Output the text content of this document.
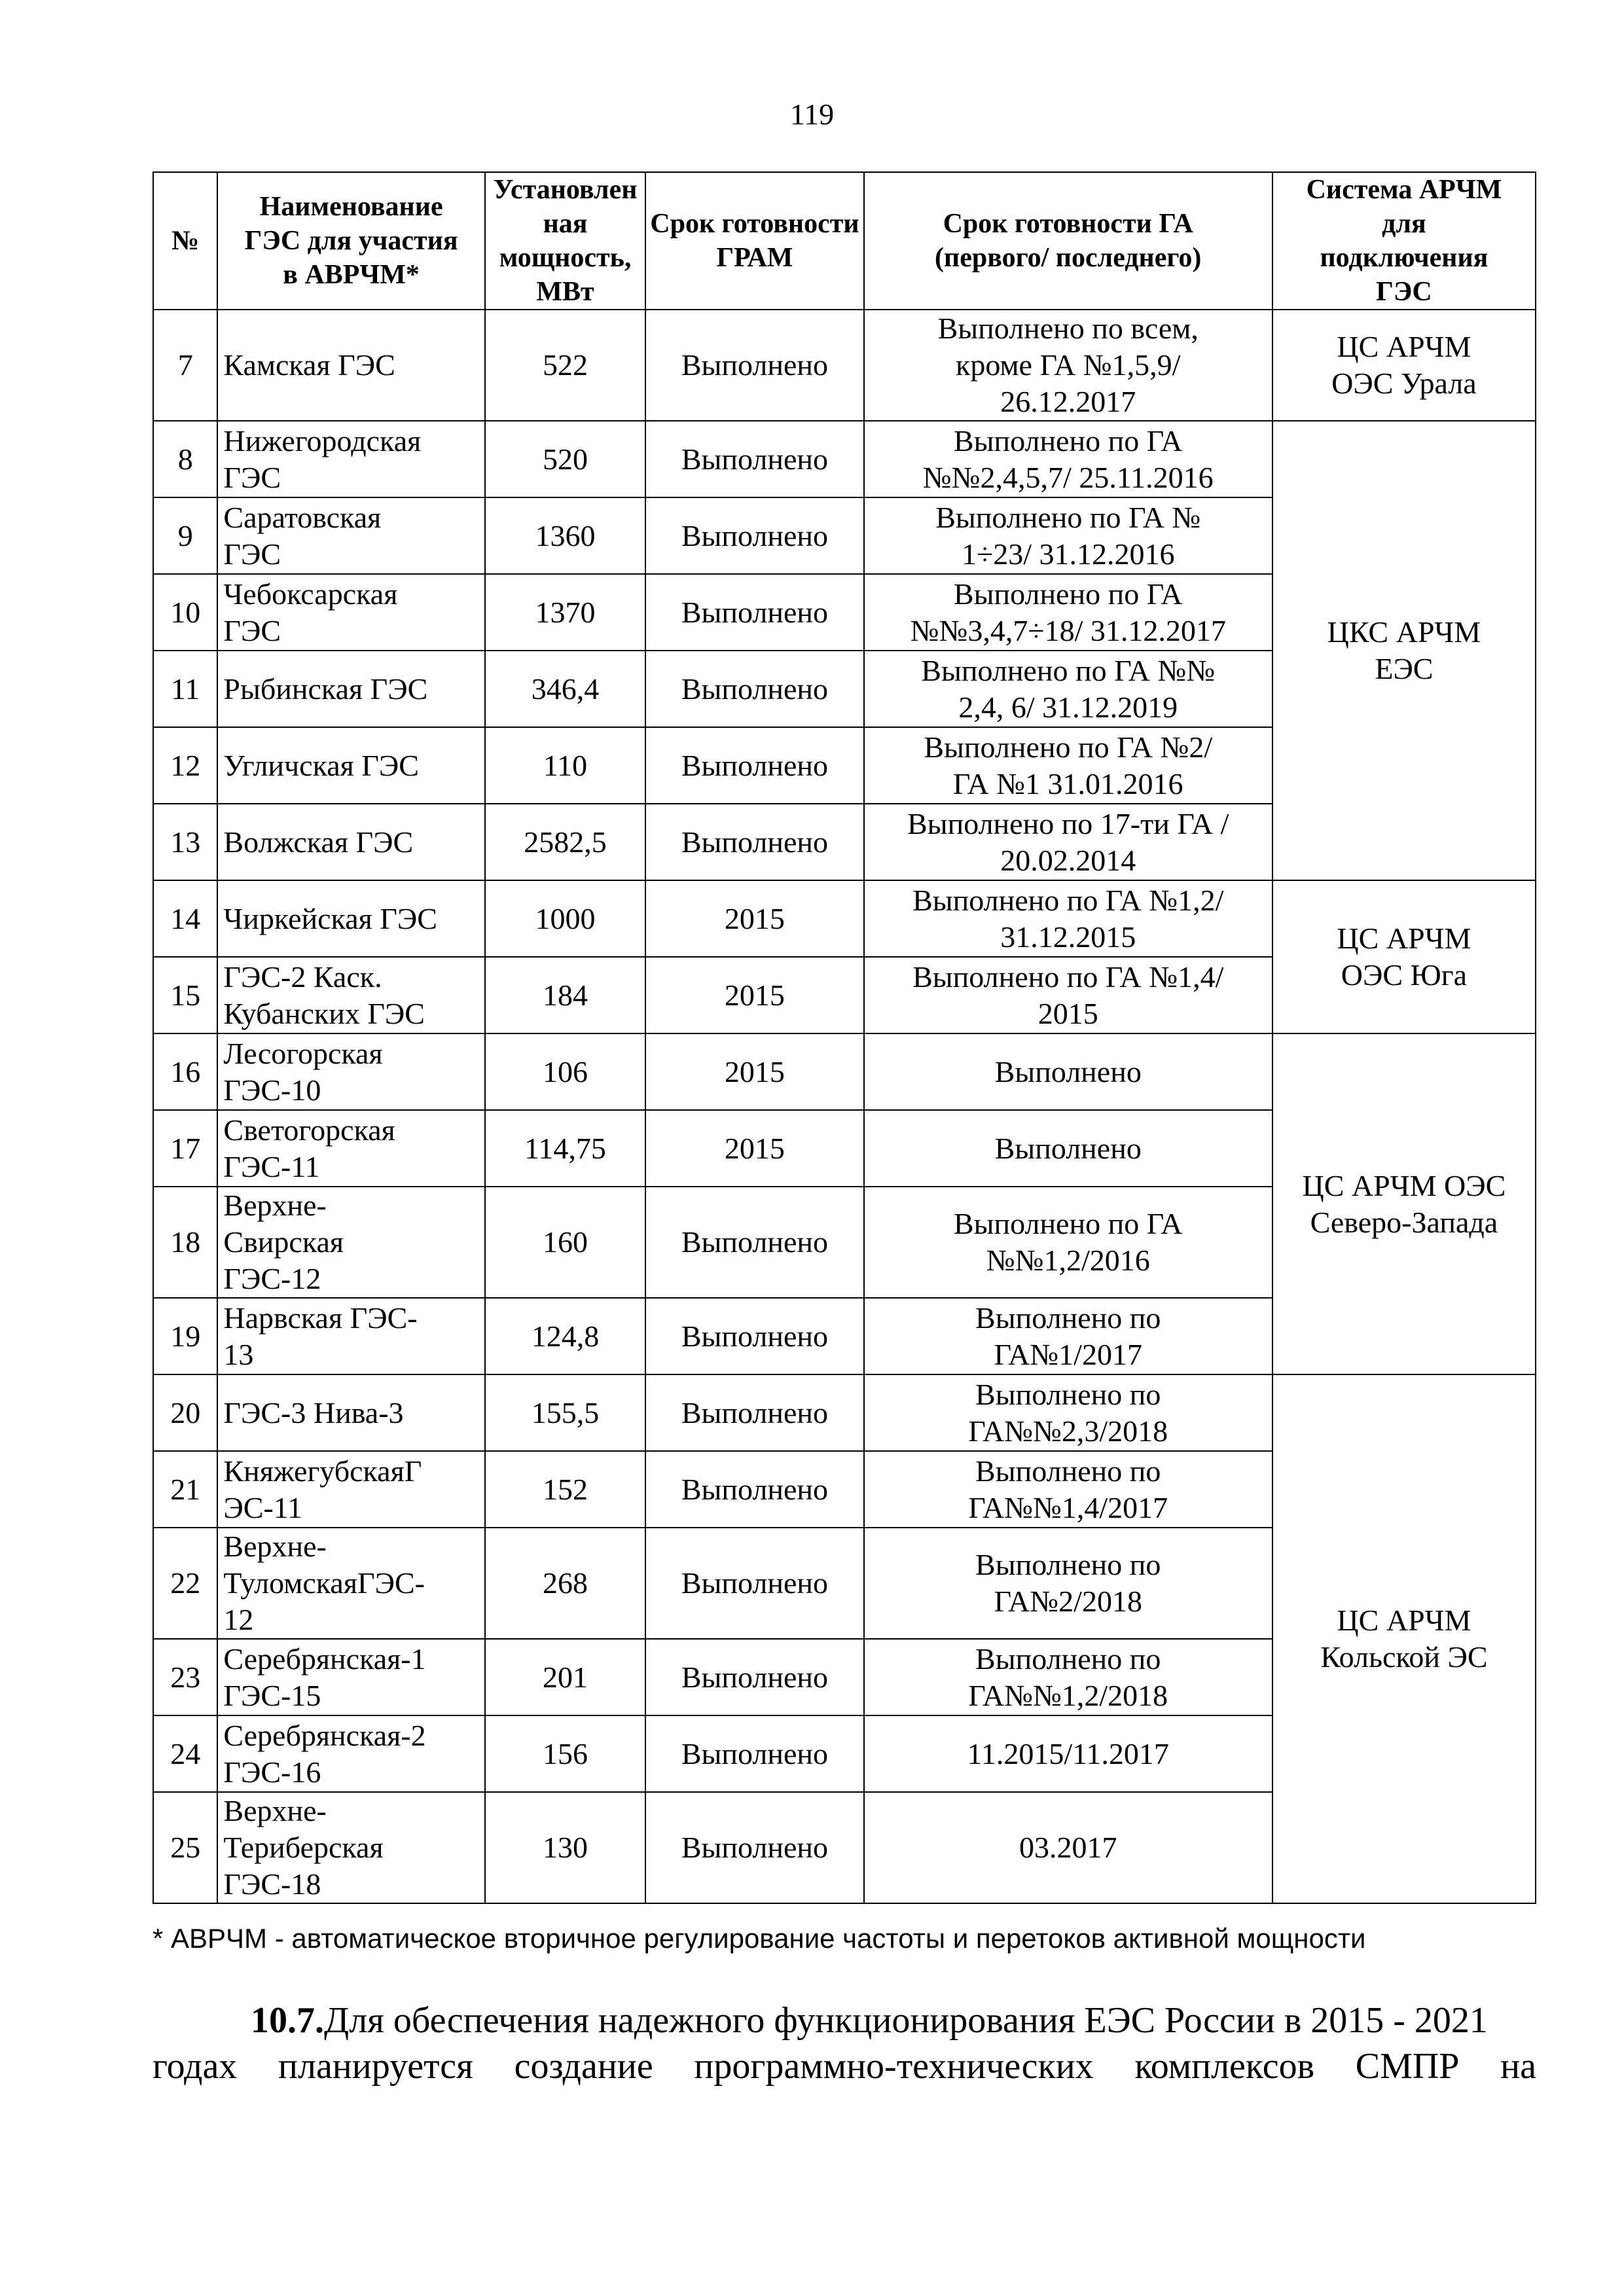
119
№	Наименование
ГЭС для участия
в АВРЧМ*	Установлен
ная
мощность,
МВт	Срок готовности
ГРАМ	Срок готовности ГА
(первого/ последнего)	Система АРЧМ
для
подключения
ГЭС

7	Камская ГЭС	522	Выполнено	Выполнено по всем,
кроме ГА №1,5,9/
26.12.2017	ЦС АРЧМ
ОЭС Урала

8	Нижегородская
ГЭС	520	Выполнено	Выполнено по ГА
№№2,4,5,7/ 25.11.2016	ЦКС АРЧМ
ЕЭС

9	Саратовская
ГЭС	1360	Выполнено	Выполнено по ГА №
1÷23/ 31.12.2016	

10	Чебоксарская
ГЭС	1370	Выполнено	Выполнено по ГА
№№3,4,7÷18/ 31.12.2017	

11	Рыбинская ГЭС	346,4	Выполнено	Выполнено по ГА №№
2,4, 6/ 31.12.2019	

12	Угличская ГЭС	110	Выполнено	Выполнено по ГА №2/
ГА №1 31.01.2016	

13	Волжская ГЭС	2582,5	Выполнено	Выполнено по 17-ти ГА /
20.02.2014	

14	Чиркейская ГЭС	1000	2015	Выполнено по ГА №1,2/
31.12.2015	ЦС АРЧМ
ОЭС Юга

15	ГЭС-2 Каск.
Кубанских ГЭС	184	2015	Выполнено по ГА №1,4/
2015	

16	Лесогорская
ГЭС-10	106	2015	Выполнено	ЦС АРЧМ ОЭС
Северо-Запада

17	Светогорская
ГЭС-11	114,75	2015	Выполнено	

18	Верхне-
Свирская
ГЭС-12	160	Выполнено	Выполнено по ГА
№№1,2/2016	

19	Нарвская ГЭС-
13	124,8	Выполнено	Выполнено по
ГА№1/2017	

20	ГЭС-3 Нива-3	155,5	Выполнено	Выполнено по
ГА№№2,3/2018	ЦС АРЧМ
Кольской ЭС

21	КняжегубскаяГ
ЭС-11	152	Выполнено	Выполнено по
ГА№№1,4/2017	

22	Верхне-
ТуломскаяГЭС-
12	268	Выполнено	Выполнено по
ГА№2/2018	

23	Серебрянская-1
ГЭС-15	201	Выполнено	Выполнено по
ГА№№1,2/2018	

24	Серебрянская-2
ГЭС-16	156	Выполнено	11.2015/11.2017	

25	Верхне-
Териберская
ГЭС-18	130	Выполнено	03.2017	
* АВРЧМ - автоматическое вторичное регулирование частоты и перетоков активной мощности
10.7.Для обеспечения надежного функционирования ЕЭС России в 2015 - 2021
годах планируется создание программно-технических комплексов СМПР на
